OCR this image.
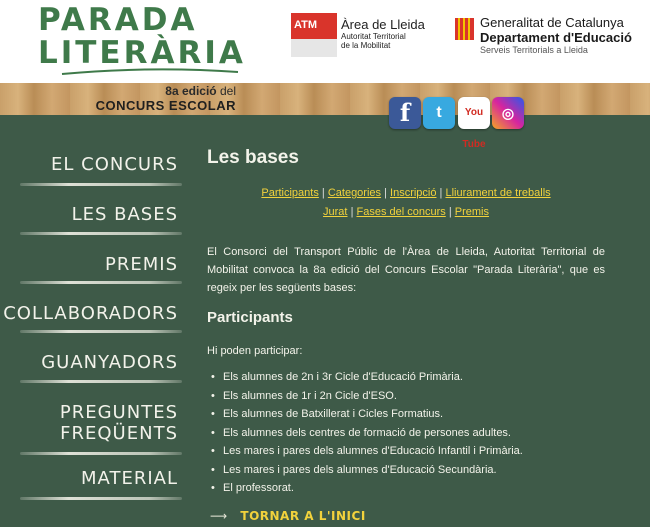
PARADA
LITERÀRIA
ATM	Àrea de Lleida
Autoritat Territorial
de la Mobilitat
Generalitat de Catalunya
Departament d'Educació
Serveis Territorials a Lleida
8a edició del
CONCURS ESCOLAR	f	t	You Tube
◎
EL CONCURS
LES BASES
PREMIS
COLLABORADORS
GUANYADORS
PREGUNTES
FREQÜENTS
MATERIAL
Les bases
Participants | Categories | Inscripció | Lliurament de treballs
Jurat | Fases del concurs | Premis

El Consorci del Transport Públic de l'Àrea de Lleida, Autoritat Territorial de Mobilitat convoca la 8a edició del Concurs Escolar "Parada Literària", que es regeix per les següents bases:

Participants

Hi poden participar:

• Els alumnes de 2n i 3r Cicle d'Educació Primària.
• Els alumnes de 1r i 2n Cicle d'ESO.
• Els alumnes de Batxillerat i Cicles Formatius.
• Els alumnes dels centres de formació de persones adultes.
• Les mares i pares dels alumnes d'Educació Infantil i Primària.
• Les mares i pares dels alumnes d'Educació Secundària.
• El professorat.
⟶ TORNAR A L'INICI
